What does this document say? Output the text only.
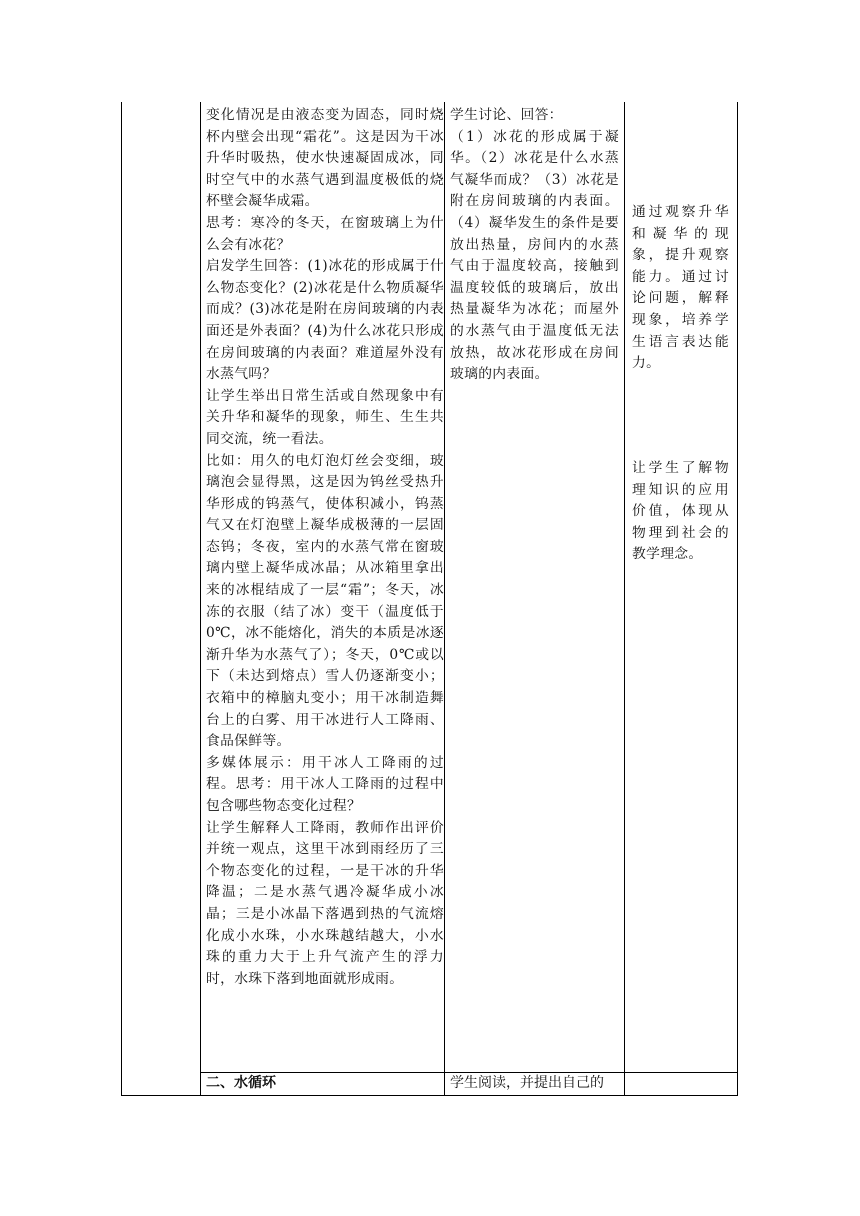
变化情况是由液态变为固态，同时烧杯内壁会出现“霜花”。这是因为干冰升华时吸热，使水快速凝固成冰，同时空气中的水蒸气遇到温度极低的烧杯壁会凝华成霜。

思考：寒冷的冬天，在窗玻璃上为什么会有冰花？

启发学生回答：(1)冰花的形成属于什么物态变化？(2)冰花是什么物质凝华而成？(3)冰花是附在房间玻璃的内表面还是外表面？(4)为什么冰花只形成在房间玻璃的内表面？难道屋外没有水蒸气吗？

让学生举出日常生活或自然现象中有关升华和凝华的现象，师生、生生共同交流，统一看法。

比如：用久的电灯泡灯丝会变细，玻璃泡会显得黑，这是因为钨丝受热升华形成的钨蒸气，使体积减小，钨蒸气又在灯泡壁上凝华成极薄的一层固态钨；冬夜，室内的水蒸气常在窗玻璃内壁上凝华成冰晶；从冰箱里拿出来的冰棍结成了一层“霜”；冬天，冰冻的衣服（结了冰）变干（温度低于0℃，冰不能熔化，消失的本质是冰逐渐升华为水蒸气了）；冬天，0℃或以下（未达到熔点）雪人仍逐渐变小；衣箱中的樟脑丸变小；用干冰制造舞台上的白雾、用干冰进行人工降雨、食品保鲜等。

多媒体展示：用干冰人工降雨的过程。思考：用干冰人工降雨的过程中包含哪些物态变化过程？

让学生解释人工降雨，教师作出评价并统一观点，这里干冰到雨经历了三个物态变化的过程，一是干冰的升华降温；二是水蒸气遇冷凝华成小冰晶；三是小冰晶下落遇到热的气流熔化成小水珠，小水珠越结越大，小水珠的重力大于上升气流产生的浮力时，水珠下落到地面就形成雨。

学生讨论、回答：

（1）冰花的形成属于凝华。（2）冰花是什么水蒸气凝华而成？（3）冰花是附在房间玻璃的内表面。（4）凝华发生的条件是要放出热量，房间内的水蒸气由于温度较高，接触到温度较低的玻璃后，放出热量凝华为冰花；而屋外的水蒸气由于温度低无法放热，故冰花形成在房间玻璃的内表面。

通过观察升华和凝华的现象，提升观察能力。通过讨论问题，解释现象，培养学生语言表达能力。

让学生了解物理知识的应用价值，体现从物理到社会的教学理念。

二、水循环	学生阅读，并提出自己的
